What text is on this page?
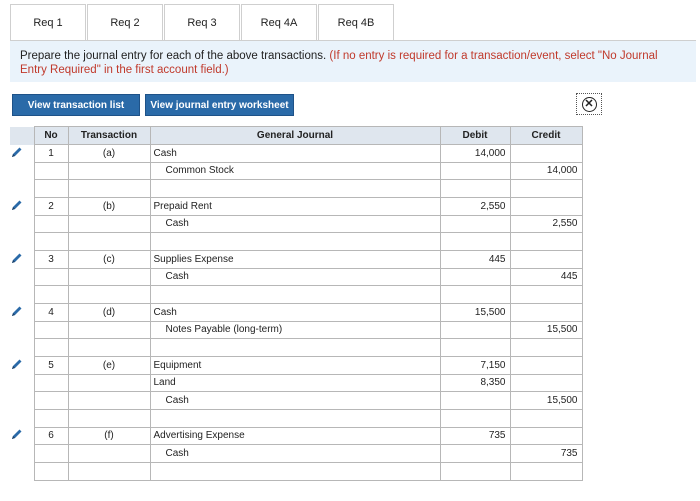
Req 1	Req 2	Req 3	Req 4A	Req 4B
Prepare the journal entry for each of the above transactions. (If no entry is required for a transaction/event, select "No Journal Entry Required" in the first account field.)
View transaction list	View journal entry worksheet	✕
	No	Transaction	General Journal	Debit	Credit
	1	(a)	Cash	14,000	
			Common Stock		14,000

	2	(b)	Prepaid Rent	2,550	
			Cash		2,550

	3	(c)	Supplies Expense	445	
			Cash		445

	4	(d)	Cash	15,500	
			Notes Payable (long-term)		15,500

	5	(e)	Equipment	7,150	
			Land	8,350	
			Cash		15,500

	6	(f)	Advertising Expense	735	
			Cash		735
